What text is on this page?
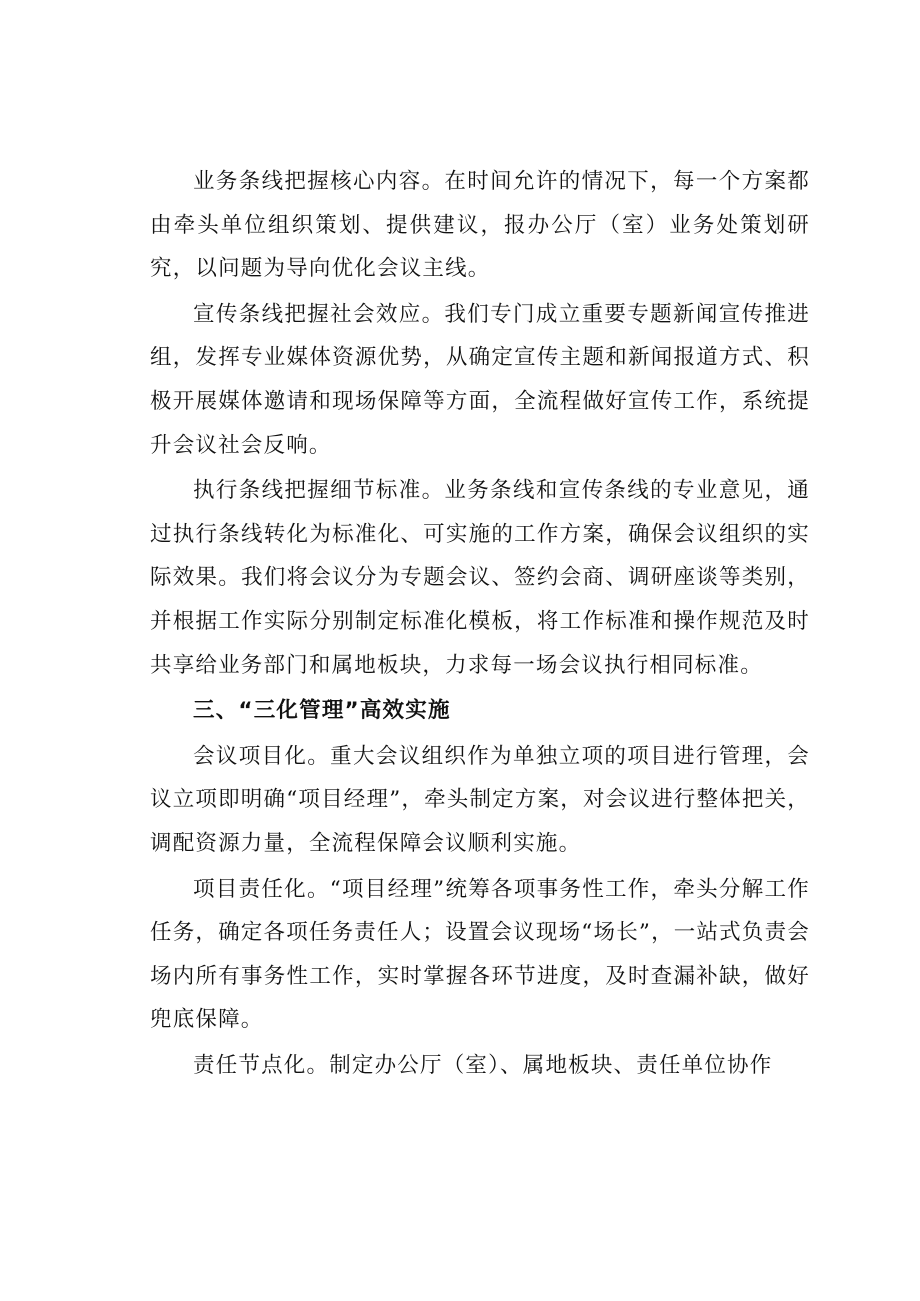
业务条线把握核心内容。在时间允许的情况下，每一个方案都由牵头单位组织策划、提供建议，报办公厅（室）业务处策划研究，以问题为导向优化会议主线。

宣传条线把握社会效应。我们专门成立重要专题新闻宣传推进组，发挥专业媒体资源优势，从确定宣传主题和新闻报道方式、积极开展媒体邀请和现场保障等方面，全流程做好宣传工作，系统提升会议社会反响。

执行条线把握细节标准。业务条线和宣传条线的专业意见，通过执行条线转化为标准化、可实施的工作方案，确保会议组织的实际效果。我们将会议分为专题会议、签约会商、调研座谈等类别，并根据工作实际分别制定标准化模板，将工作标准和操作规范及时共享给业务部门和属地板块，力求每一场会议执行相同标准。

三、“三化管理”高效实施

会议项目化。重大会议组织作为单独立项的项目进行管理，会议立项即明确“项目经理”，牵头制定方案，对会议进行整体把关，调配资源力量，全流程保障会议顺利实施。

项目责任化。“项目经理”统筹各项事务性工作，牵头分解工作任务，确定各项任务责任人；设置会议现场“场长”，一站式负责会场内所有事务性工作，实时掌握各环节进度，及时查漏补缺，做好兜底保障。

责任节点化。制定办公厅（室）、属地板块、责任单位协作
